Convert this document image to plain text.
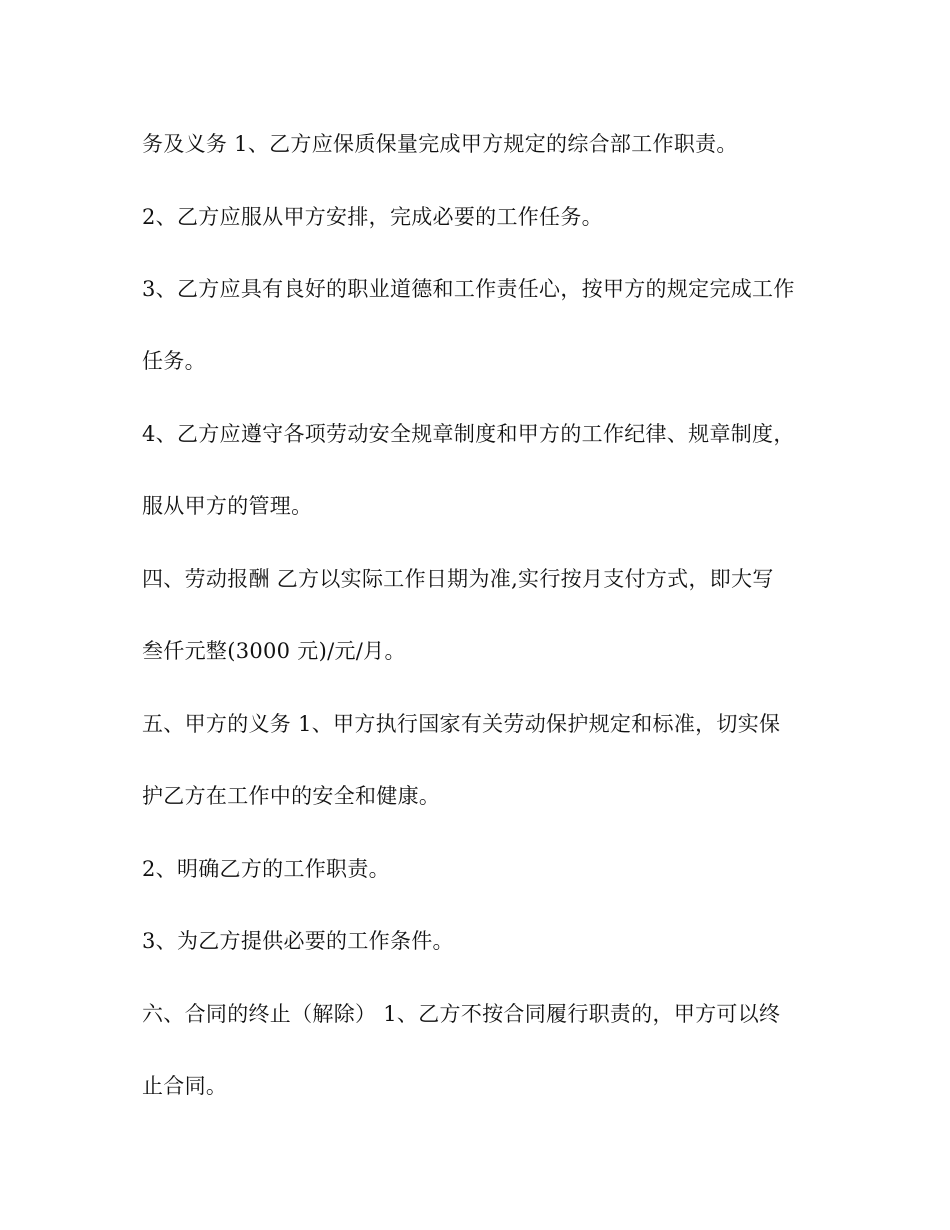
务及义务 1、乙方应保质保量完成甲方规定的综合部工作职责。
2、乙方应服从甲方安排，完成必要的工作任务。
3、乙方应具有良好的职业道德和工作责任心，按甲方的规定完成工作
任务。
4、乙方应遵守各项劳动安全规章制度和甲方的工作纪律、规章制度，
服从甲方的管理。
四、劳动报酬 乙方以实际工作日期为准,实行按月支付方式，即大写
叁仟元整(3000 元)/元/月。
五、甲方的义务 1、甲方执行国家有关劳动保护规定和标准，切实保
护乙方在工作中的安全和健康。
2、明确乙方的工作职责。
3、为乙方提供必要的工作条件。
六、合同的终止（解除） 1、乙方不按合同履行职责的，甲方可以终
止合同。
